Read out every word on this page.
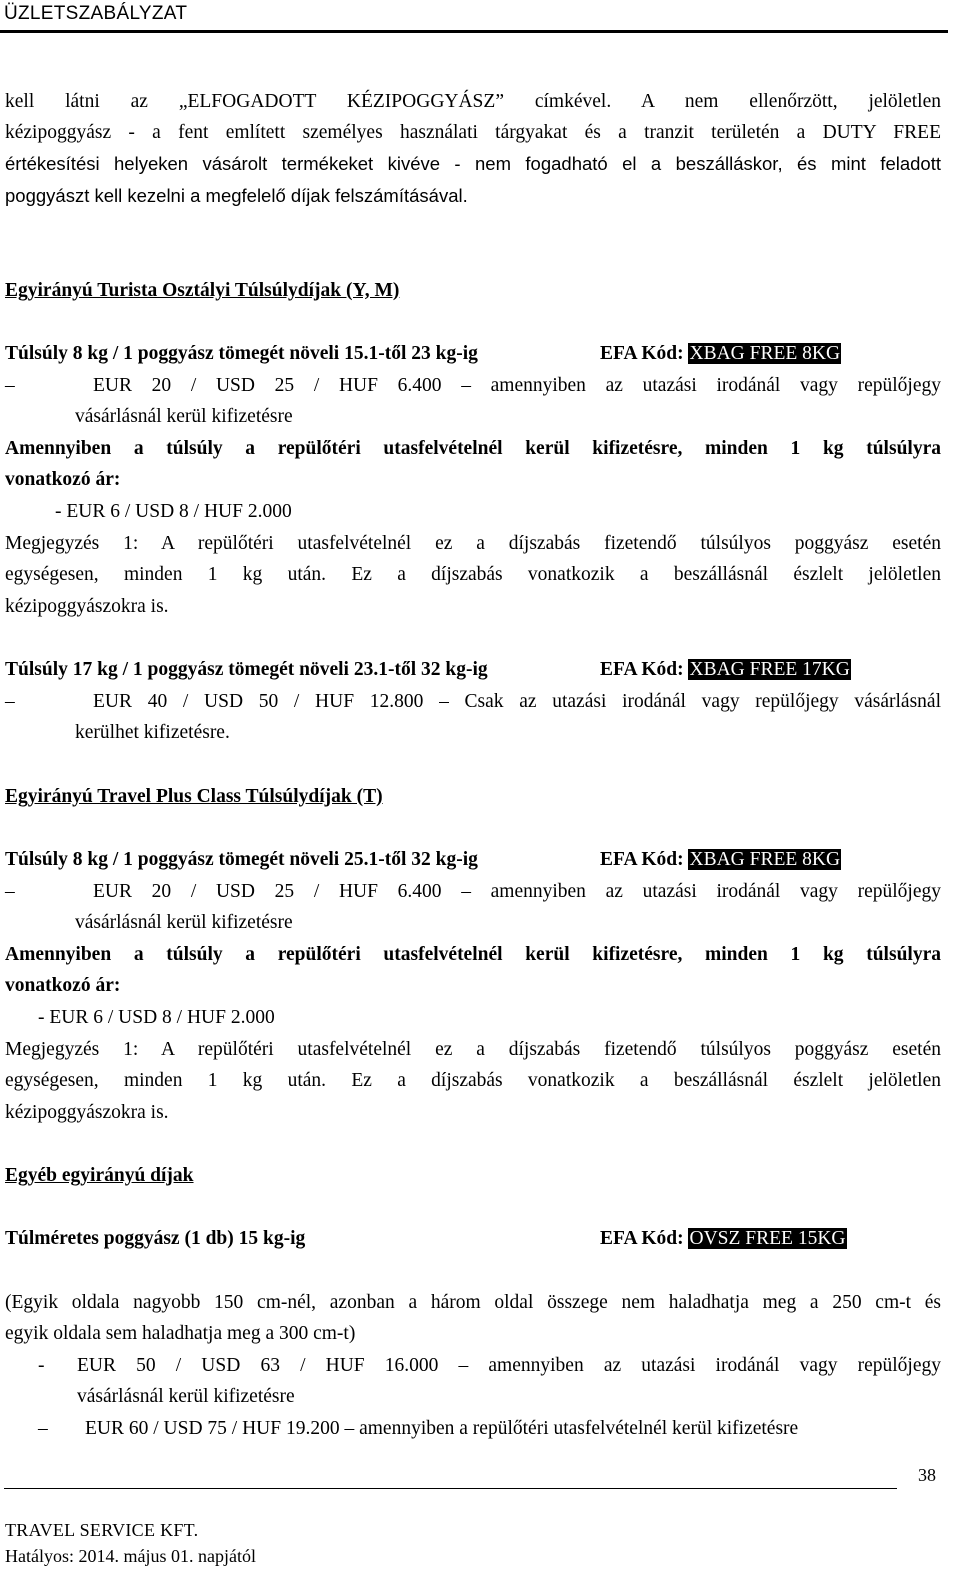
ÜZLETSZABÁLYZAT
kell látni az „ELFOGADOTT KÉZIPOGGYÁSZ” címkével. A nem ellenőrzött, jelöletlen
kézipoggyász - a fent említett személyes használati tárgyakat és a tranzit területén a DUTY FREE
értékesítési helyeken vásárolt termékeket kivéve - nem fogadható el a beszálláskor, és mint feladott
poggyászt kell kezelni a megfelelő díjak felszámításával.
Egyirányú Turista Osztályi Túlsúlydíjak (Y, M)
Túlsúly 8 kg / 1 poggyász tömegét növeli 15.1-től 23 kg-ig	EFA Kód: XBAG FREE 8KG
–	EUR 20 / USD 25 / HUF 6.400 – amennyiben az utazási irodánál vagy repülőjegy
vásárlásnál kerül kifizetésre
Amennyiben a túlsúly a repülőtéri utasfelvételnél kerül kifizetésre, minden 1 kg túlsúlyra
vonatkozó ár:
- EUR 6 / USD 8 / HUF 2.000
Megjegyzés 1: A repülőtéri utasfelvételnél ez a díjszabás fizetendő túlsúlyos poggyász esetén
egységesen, minden 1 kg után. Ez a díjszabás vonatkozik a beszállásnál észlelt jelöletlen
kézipoggyászokra is.
Túlsúly 17 kg / 1 poggyász tömegét növeli 23.1-től 32 kg-ig	EFA Kód: XBAG FREE 17KG
–	EUR 40 / USD 50 / HUF 12.800 – Csak az utazási irodánál vagy repülőjegy vásárlásnál
kerülhet kifizetésre.
Egyirányú Travel Plus Class Túlsúlydíjak (T)
Túlsúly 8 kg / 1 poggyász tömegét növeli 25.1-től 32 kg-ig	EFA Kód: XBAG FREE 8KG
–	EUR 20 / USD 25 / HUF 6.400 – amennyiben az utazási irodánál vagy repülőjegy
vásárlásnál kerül kifizetésre
Amennyiben a túlsúly a repülőtéri utasfelvételnél kerül kifizetésre, minden 1 kg túlsúlyra
vonatkozó ár:
- EUR 6 / USD 8 / HUF 2.000
Megjegyzés 1: A repülőtéri utasfelvételnél ez a díjszabás fizetendő túlsúlyos poggyász esetén
egységesen, minden 1 kg után. Ez a díjszabás vonatkozik a beszállásnál észlelt jelöletlen
kézipoggyászokra is.
Egyéb egyirányú díjak
Túlméretes poggyász (1 db) 15 kg-ig	EFA Kód: OVSZ FREE 15KG
(Egyik oldala nagyobb 150 cm-nél, azonban a három oldal összege nem haladhatja meg a 250 cm-t és
egyik oldala sem haladhatja meg a 300 cm-t)
- EUR 50 / USD 63 / HUF 16.000 – amennyiben az utazási irodánál vagy repülőjegy
vásárlásnál kerül kifizetésre
– EUR 60 / USD 75 / HUF 19.200 – amennyiben a repülőtéri utasfelvételnél kerül kifizetésre
38
TRAVEL SERVICE KFT.
Hatályos: 2014. május 01. napjától
